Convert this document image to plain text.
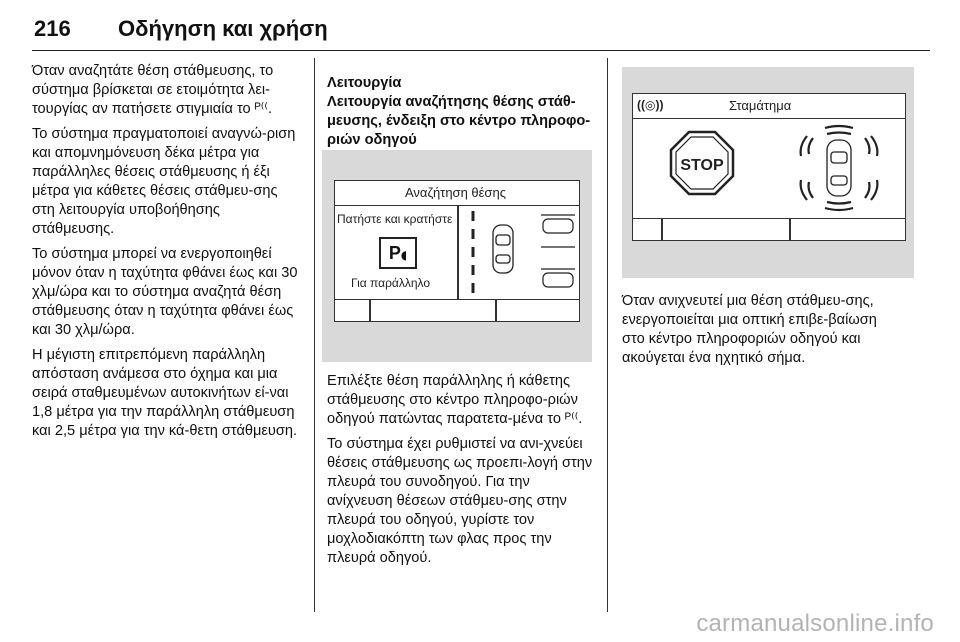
216 Οδήγηση και χρήση

Όταν αναζητάτε θέση στάθμευσης, το σύστημα βρίσκεται σε ετοιμότητα λει-τουργίας αν πατήσετε στιγμιαία το ᴾ⁽⁽.

Το σύστημα πραγματοποιεί αναγνώ-ριση και απομνημόνευση δέκα μέτρα για παράλληλες θέσεις στάθμευσης ή έξι μέτρα για κάθετες θέσεις στάθμευ-σης στη λειτουργία υποβοήθησης στάθμευσης.

Το σύστημα μπορεί να ενεργοποιηθεί μόνον όταν η ταχύτητα φθάνει έως και 30 χλμ/ώρα και το σύστημα αναζητά θέση στάθμευσης όταν η ταχύτητα φθάνει έως και 30 χλμ/ώρα.

Η μέγιστη επιτρεπόμενη παράλληλη απόσταση ανάμεσα στο όχημα και μια σειρά σταθμευμένων αυτοκινήτων εί-ναι 1,8 μέτρα για την παράλληλη στάθμευση και 2,5 μέτρα για την κά-θετη στάθμευση.

Λειτουργία
Λειτουργία αναζήτησης θέσης στάθ-μευσης, ένδειξη στο κέντρο πληροφο-ριών οδηγού
Αναζήτηση θέσης
Πατήστε και κρατήστε
P◖
Για παράλληλο

Επιλέξτε θέση παράλληλης ή κάθετης στάθμευσης στο κέντρο πληροφο-ριών οδηγού πατώντας παρατετα-μένα το ᴾ⁽⁽.

Το σύστημα έχει ρυθμιστεί να ανι-χνεύει θέσεις στάθμευσης ως προεπι-λογή στην πλευρά του συνοδηγού. Για την ανίχνευση θέσεων στάθμευ-σης στην πλευρά του οδηγού, γυρίστε τον μοχλοδιακόπτη των φλας προς την πλευρά οδηγού.

((◎))	Σταμάτημα
STOP

Όταν ανιχνευτεί μια θέση στάθμευ-σης, ενεργοποιείται μια οπτική επιβε-βαίωση στο κέντρο πληροφοριών οδηγού και ακούγεται ένα ηχητικό σήμα.

carmanualsonline.info
